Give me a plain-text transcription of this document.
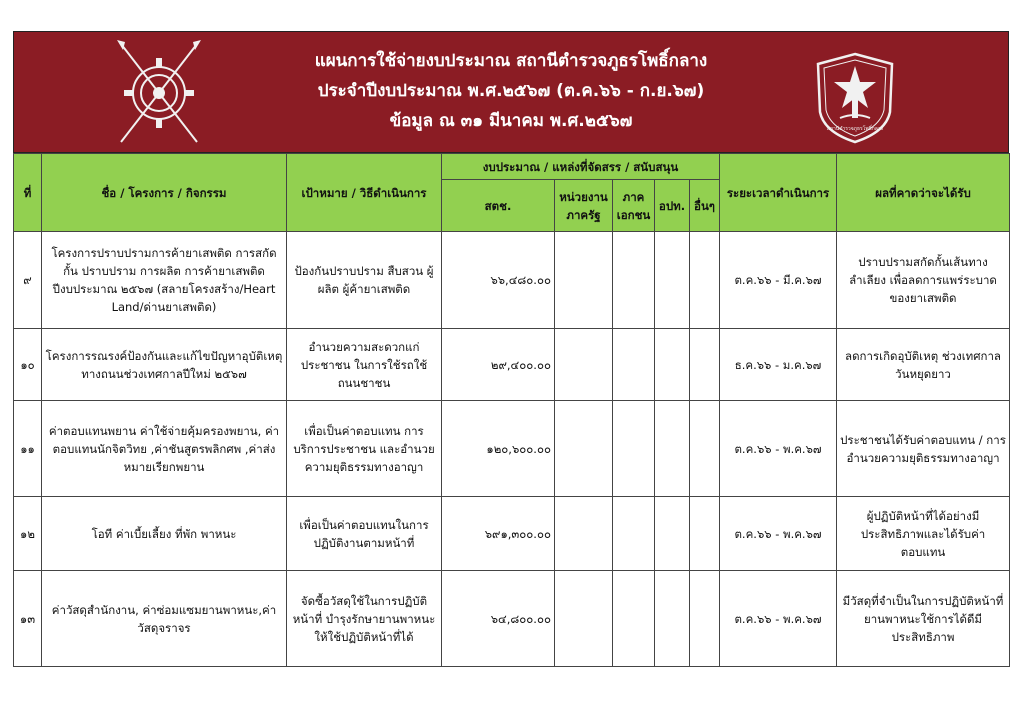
แผนการใช้จ่ายงบประมาณ สถานีตำรวจภูธรโพธิ์กลาง
ประจำปีงบประมาณ พ.ศ.๒๕๖๗ (ต.ค.๖๖ - ก.ย.๖๗)
ข้อมูล ณ ๓๑ มีนาคม พ.ศ.๒๕๖๗	สถานีตำรวจภูธรโพธิ์กลาง
ที่	ชื่อ / โครงการ / กิจกรรม	เป้าหมาย / วิธีดำเนินการ	งบประมาณ / แหล่งที่จัดสรร / สนับสนุน					ระยะเวลาดำเนินการ	ผลที่คาดว่าจะได้รับ
			สตช.	หน่วยงานภาครัฐ	ภาคเอกชน	อปท.	อื่นๆ		
๙	โครงการปราบปรามการค้ายาเสพติด การสกัดกั้น ปราบปราม การผลิต การค้ายาเสพติด ปีงบประมาณ ๒๕๖๗ (สลายโครงสร้าง/Heart Land/ด่านยาเสพติด)	ป้องกันปราบปราม สืบสวน ผู้ผลิต ผู้ค้ายาเสพติด	๖๖,๔๘๐.๐๐					ต.ค.๖๖ - มี.ค.๖๗	ปราบปรามสกัดกั้นเส้นทางลำเลียง เพื่อลดการแพร่ระบาดของยาเสพติด
๑๐	โครงการรณรงค์ป้องกันและแก้ไขปัญหาอุบัติเหตุทางถนนช่วงเทศกาลปีใหม่ ๒๕๖๗	อำนวยความสะดวกแก่ประชาชน ในการใช้รถใช้ถนนชาชน	๒๙,๔๐๐.๐๐					ธ.ค.๖๖ - ม.ค.๖๗	ลดการเกิดอุบัติเหตุ ช่วงเทศกาลวันหยุดยาว
๑๑	ค่าตอบแทนพยาน ค่าใช้จ่ายคุ้มครองพยาน, ค่าตอบแทนนักจิตวิทย ,ค่าชันสูตรพลิกศพ ,ค่าส่งหมายเรียกพยาน	เพื่อเป็นค่าตอบแทน การบริการประชาชน และอำนวยความยุติธรรมทางอาญา	๑๒๐,๖๐๐.๐๐					ต.ค.๖๖ - พ.ค.๖๗	ประชาชนได้รับค่าตอบแทน / การอำนวยความยุติธรรมทางอาญา
๑๒	โอที ค่าเบี้ยเลี้ยง ที่พัก พาหนะ	เพื่อเป็นค่าตอบแทนในการปฏิบัติงานตามหน้าที่	๖๙๑,๓๐๐.๐๐					ต.ค.๖๖ - พ.ค.๖๗	ผู้ปฏิบัติหน้าที่ได้อย่างมีประสิทธิภาพและได้รับค่าตอบแทน
๑๓	ค่าวัสดุสำนักงาน, ค่าซ่อมแซมยานพาหนะ,ค่าวัสดุจราจร	จัดซื้อวัสดุใช้ในการปฏิบัติหน้าที่ บำรุงรักษายานพาหนะให้ใช้ปฏิบัติหน้าที่ได้	๖๔,๘๐๐.๐๐					ต.ค.๖๖ - พ.ค.๖๗	มีวัสดุที่จำเป็นในการปฏิบัติหน้าที่ ยานพาหนะใช้การได้ดีมีประสิทธิภาพ
